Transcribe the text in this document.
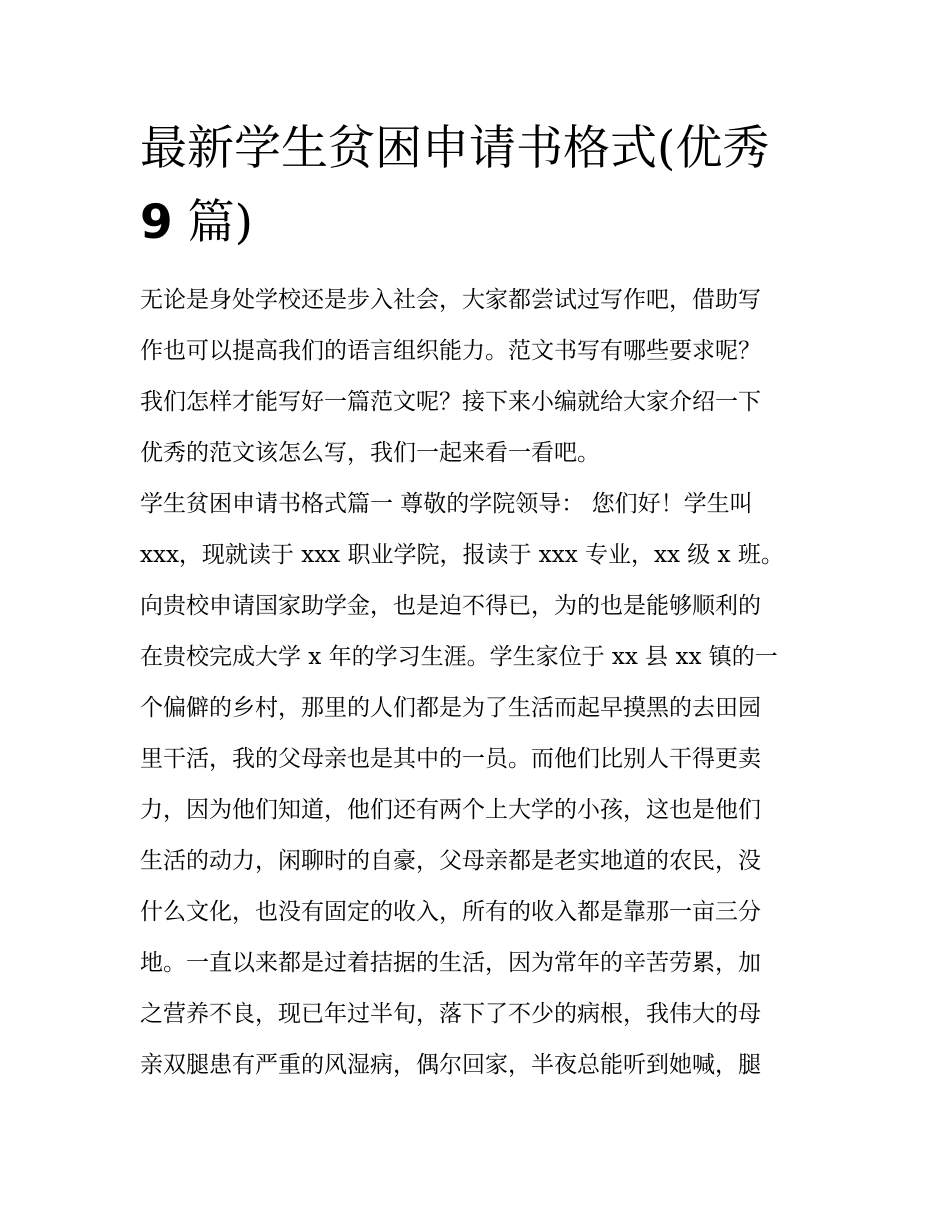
最新学生贫困申请书格式(优秀
9 篇)
无论是身处学校还是步入社会，大家都尝试过写作吧，借助写
作也可以提高我们的语言组织能力。范文书写有哪些要求呢？
我们怎样才能写好一篇范文呢？接下来小编就给大家介绍一下
优秀的范文该怎么写，我们一起来看一看吧。
学生贫困申请书格式篇一 尊敬的学院领导： 您们好！学生叫
xxx，现就读于 xxx 职业学院，报读于 xxx 专业，xx 级 x 班。
向贵校申请国家助学金，也是迫不得已，为的也是能够顺利的
在贵校完成大学 x 年的学习生涯。学生家位于 xx 县 xx 镇的一
个偏僻的乡村，那里的人们都是为了生活而起早摸黑的去田园
里干活，我的父母亲也是其中的一员。而他们比别人干得更卖
力，因为他们知道，他们还有两个上大学的小孩，这也是他们
生活的动力，闲聊时的自豪，父母亲都是老实地道的农民，没
什么文化，也没有固定的收入，所有的收入都是靠那一亩三分
地。一直以来都是过着拮据的生活，因为常年的辛苦劳累，加
之营养不良，现已年过半旬，落下了不少的病根，我伟大的母
亲双腿患有严重的风湿病，偶尔回家，半夜总能听到她喊，腿
